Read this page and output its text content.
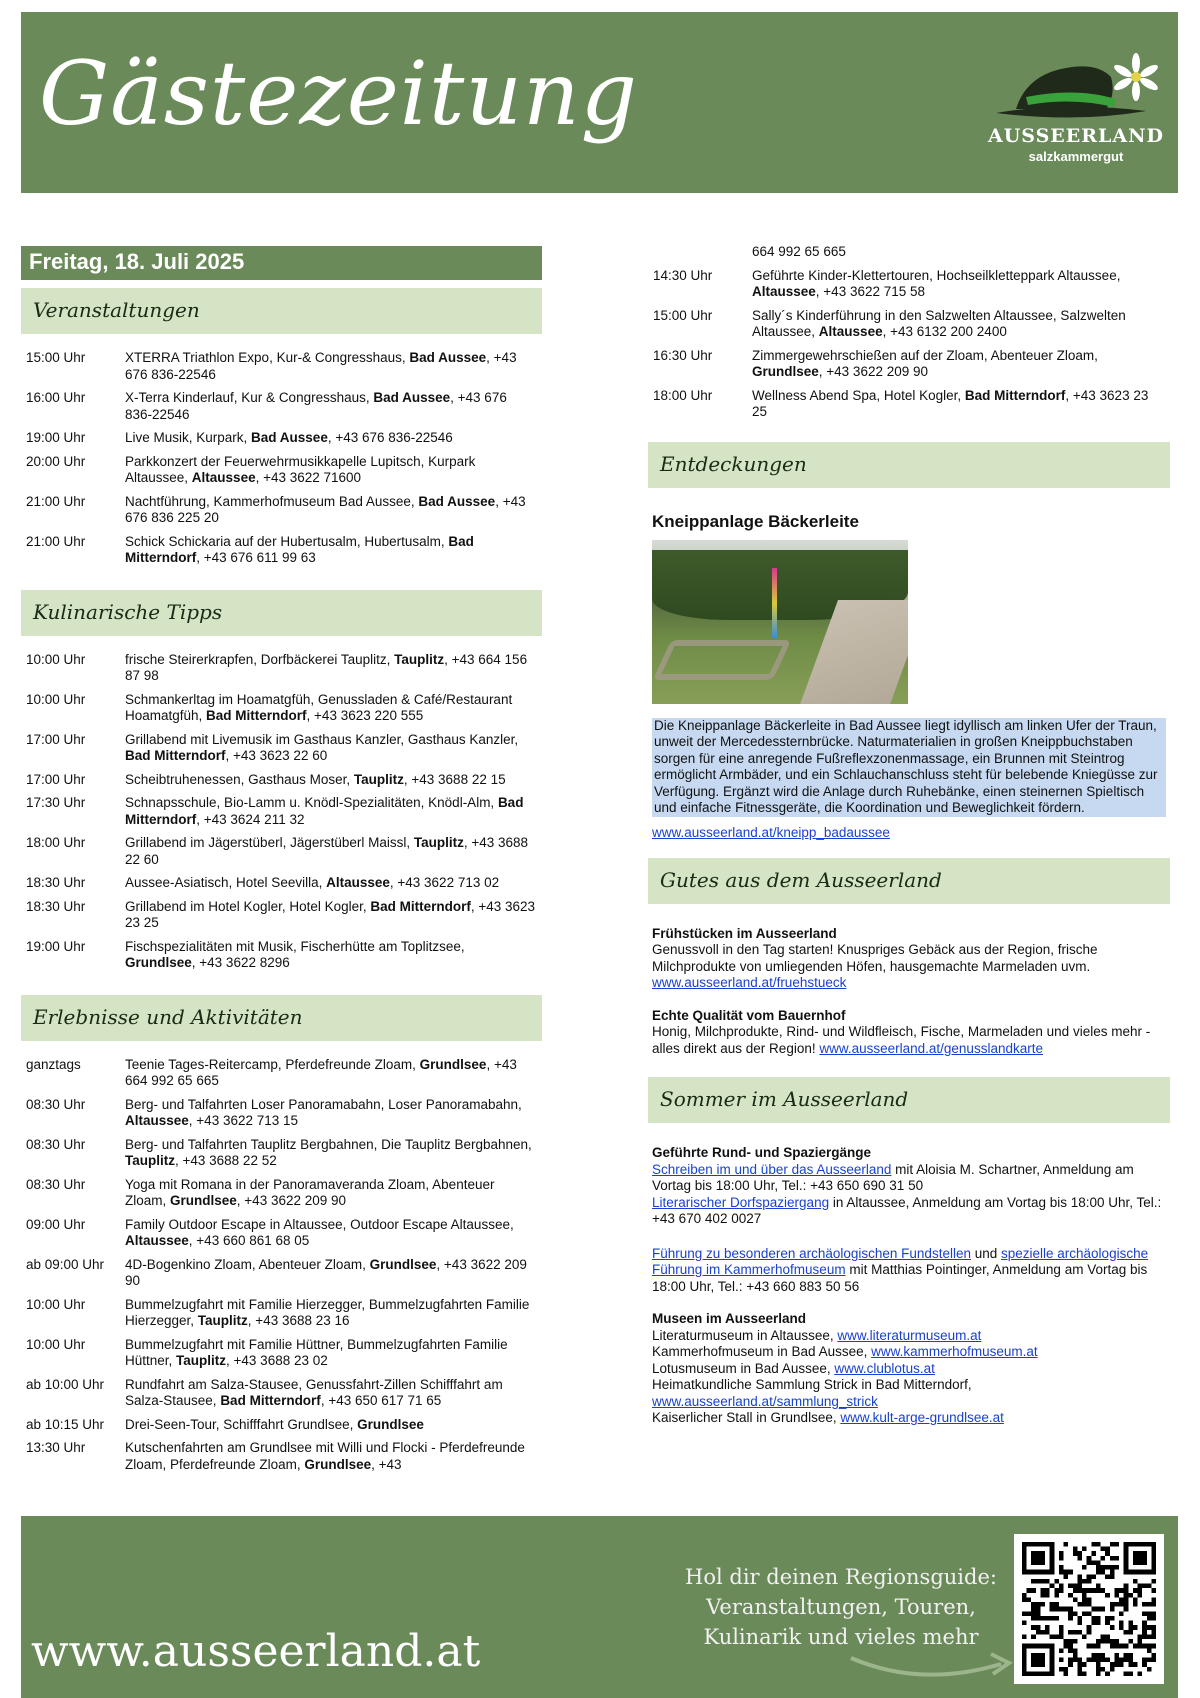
Gästezeitung	AUSSEERLAND
salzkammergut
Freitag, 18. Juli 2025
Veranstaltungen
15:00 Uhr	XTERRA Triathlon Expo, Kur-& Congresshaus, Bad Aussee, +43 676 836-22546
16:00 Uhr	X-Terra Kinderlauf, Kur & Congresshaus, Bad Aussee, +43 676 836-22546
19:00 Uhr	Live Musik, Kurpark, Bad Aussee, +43 676 836-22546
20:00 Uhr	Parkkonzert der Feuerwehrmusikkapelle Lupitsch, Kurpark Altaussee, Altaussee, +43 3622 71600
21:00 Uhr	Nachtführung, Kammerhofmuseum Bad Aussee, Bad Aussee, +43 676 836 225 20
21:00 Uhr	Schick Schickaria auf der Hubertusalm, Hubertusalm, Bad Mitterndorf, +43 676 611 99 63
Kulinarische Tipps
10:00 Uhr	frische Steirerkrapfen, Dorfbäckerei Tauplitz, Tauplitz, +43 664 156 87 98
10:00 Uhr	Schmankerltag im Hoamatgfüh, Genussladen & Café/Restaurant Hoamatgfüh, Bad Mitterndorf, +43 3623 220 555
17:00 Uhr	Grillabend mit Livemusik im Gasthaus Kanzler, Gasthaus Kanzler, Bad Mitterndorf, +43 3623 22 60
17:00 Uhr	Scheibtruhenessen, Gasthaus Moser, Tauplitz, +43 3688 22 15
17:30 Uhr	Schnapsschule, Bio-Lamm u. Knödl-Spezialitäten, Knödl-Alm, Bad Mitterndorf, +43 3624 211 32
18:00 Uhr	Grillabend im Jägerstüberl, Jägerstüberl Maissl, Tauplitz, +43 3688 22 60
18:30 Uhr	Aussee-Asiatisch, Hotel Seevilla, Altaussee, +43 3622 713 02
18:30 Uhr	Grillabend im Hotel Kogler, Hotel Kogler, Bad Mitterndorf, +43 3623 23 25
19:00 Uhr	Fischspezialitäten mit Musik, Fischerhütte am Toplitzsee, Grundlsee, +43 3622 8296
Erlebnisse und Aktivitäten
ganztags	Teenie Tages-Reitercamp, Pferdefreunde Zloam, Grundlsee, +43 664 992 65 665
08:30 Uhr	Berg- und Talfahrten Loser Panoramabahn, Loser Panoramabahn, Altaussee, +43 3622 713 15
08:30 Uhr	Berg- und Talfahrten Tauplitz Bergbahnen, Die Tauplitz Bergbahnen, Tauplitz, +43 3688 22 52
08:30 Uhr	Yoga mit Romana in der Panoramaveranda Zloam, Abenteuer Zloam, Grundlsee, +43 3622 209 90
09:00 Uhr	Family Outdoor Escape in Altaussee, Outdoor Escape Altaussee, Altaussee, +43 660 861 68 05
ab 09:00 Uhr	4D-Bogenkino Zloam, Abenteuer Zloam, Grundlsee, +43 3622 209 90
10:00 Uhr	Bummelzugfahrt mit Familie Hierzegger, Bummelzugfahrten Familie Hierzegger, Tauplitz, +43 3688 23 16
10:00 Uhr	Bummelzugfahrt mit Familie Hüttner, Bummelzugfahrten Familie Hüttner, Tauplitz, +43 3688 23 02
ab 10:00 Uhr	Rundfahrt am Salza-Stausee, Genussfahrt-Zillen Schifffahrt am Salza-Stausee, Bad Mitterndorf, +43 650 617 71 65
ab 10:15 Uhr	Drei-Seen-Tour, Schifffahrt Grundlsee, Grundlsee
13:30 Uhr	Kutschenfahrten am Grundlsee mit Willi und Flocki - Pferdefreunde Zloam, Pferdefreunde Zloam, Grundlsee, +43
664 992 65 665
14:30 Uhr	Geführte Kinder-Klettertouren, Hochseilklettерpark Altaussee, Altaussee, +43 3622 715 58
15:00 Uhr	Sally´s Kinderführung in den Salzwelten Altaussee, Salzwelten Altaussee, Altaussee, +43 6132 200 2400
16:30 Uhr	Zimmergewehrschießen auf der Zloam, Abenteuer Zloam, Grundlsee, +43 3622 209 90
18:00 Uhr	Wellness Abend Spa, Hotel Kogler, Bad Mitterndorf, +43 3623 23 25
Entdeckungen
Kneippanlage Bäckerleite
Die Kneippanlage Bäckerleite in Bad Aussee liegt idyllisch am linken Ufer der Traun, unweit der Mercedessternbrücke. Naturmaterialien in großen Kneippbuchstaben sorgen für eine anregende Fußreflexzonenmassage, ein Brunnen mit Steintrog ermöglicht Armbäder, und ein Schlauchanschluss steht für belebende Kniegüsse zur Verfügung. Ergänzt wird die Anlage durch Ruhebänke, einen steinernen Spieltisch und einfache Fitnessgeräte, die Koordination und Beweglichkeit fördern.
www.ausseerland.at/kneipp_badaussee
Gutes aus dem Ausseerland
Frühstücken im Ausseerland
Genussvoll in den Tag starten! Knuspriges Gebäck aus der Region, frische Milchprodukte von umliegenden Höfen, hausgemachte Marmeladen uvm.
www.ausseerland.at/fruehstueck
Echte Qualität vom Bauernhof
Honig, Milchprodukte, Rind- und Wildfleisch, Fische, Marmeladen und vieles mehr - alles direkt aus der Region! www.ausseerland.at/genusslandkarte
Sommer im Ausseerland
Geführte Rund- und Spaziergänge
Schreiben im und über das Ausseerland mit Aloisia M. Schartner, Anmeldung am Vortag bis 18:00 Uhr, Tel.: +43 650 690 31 50
Literarischer Dorfspaziergang in Altaussee, Anmeldung am Vortag bis 18:00 Uhr, Tel.: +43 670 402 0027
Führung zu besonderen archäologischen Fundstellen und spezielle archäologische Führung im Kammerhofmuseum mit Matthias Pointinger, Anmeldung am Vortag bis 18:00 Uhr, Tel.: +43 660 883 50 56
Museen im Ausseerland
Literaturmuseum in Altaussee, www.literaturmuseum.at
Kammerhofmuseum in Bad Aussee, www.kammerhofmuseum.at
Lotusmuseum in Bad Aussee, www.clublotus.at
Heimatkundliche Sammlung Strick in Bad Mitterndorf, www.ausseerland.at/sammlung_strick
Kaiserlicher Stall in Grundlsee, www.kult-arge-grundlsee.at
www.ausseerland.at
Hol dir deinen Regionsguide:
Veranstaltungen, Touren,
Kulinarik und vieles mehr
